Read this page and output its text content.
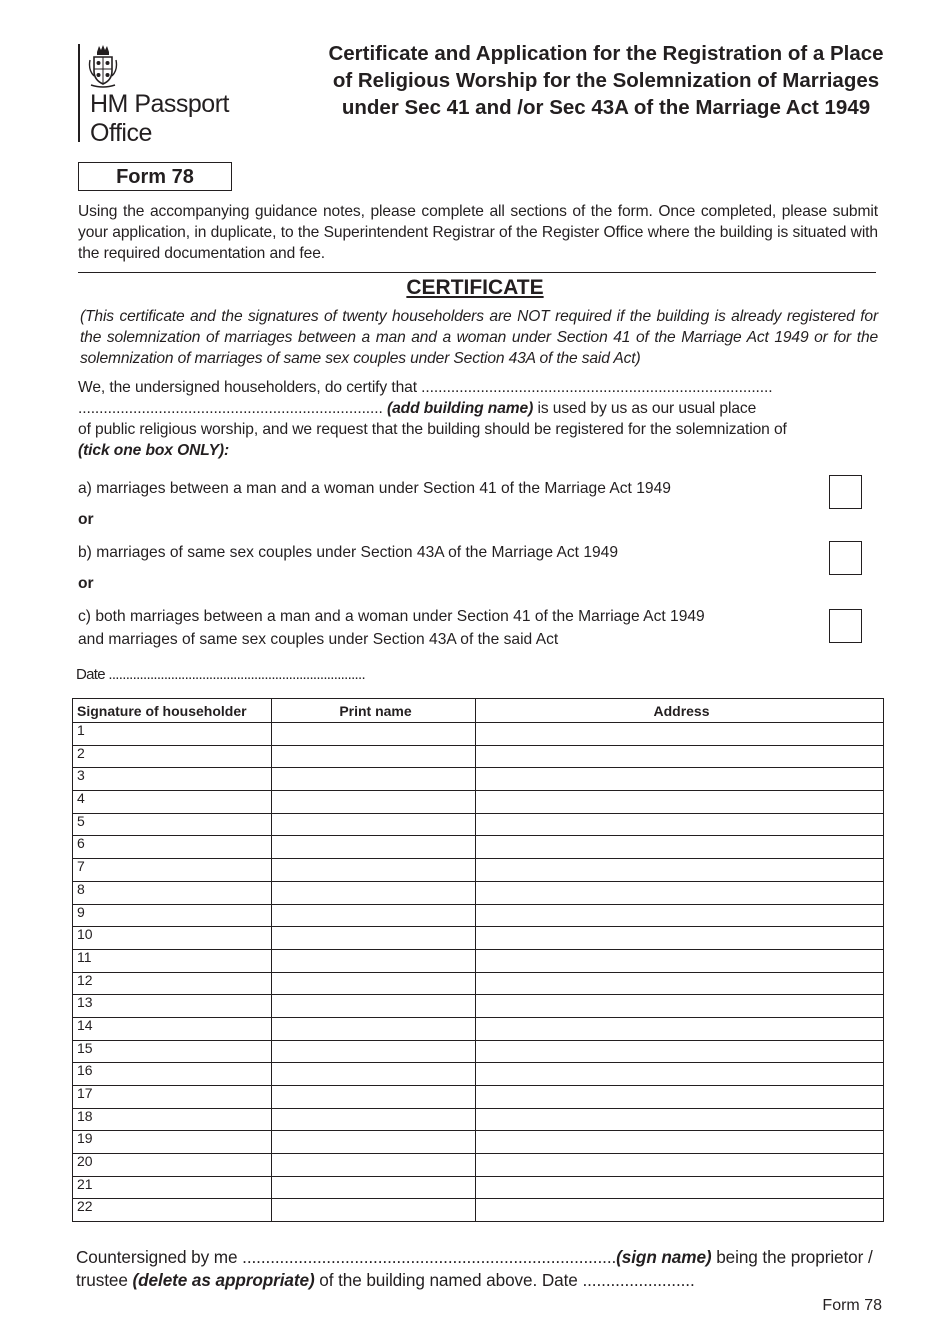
HM Passport
Office
Certificate and Application for the Registration of a Place of Religious Worship for the Solemnization of Marriages under Sec 41 and /or Sec 43A of the Marriage Act 1949
Form 78
Using the accompanying guidance notes, please complete all sections of the form. Once completed, please submit your application, in duplicate, to the Superintendent Registrar of the Register Office where the building is situated with the required documentation and fee.
CERTIFICATE
(This certificate and the signatures of twenty householders are NOT required if the building is already registered for the solemnization of marriages between a man and a woman under Section 41 of the Marriage Act 1949 or for the solemnization of marriages of same sex couples under Section 43A of the said Act)
We, the undersigned householders, do certify that ...................................................................................
........................................................................ (add building name) is used by us as our usual place
of public religious worship, and we request that the building should be registered for the solemnization of
(tick one box ONLY):
a) marriages between a man and a woman under Section 41 of the Marriage Act 1949
or
b) marriages of same sex couples under Section 43A of the Marriage Act 1949
or
c) both marriages between a man and a woman under Section 41 of the Marriage Act 1949
and marriages of same sex couples under Section 43A of the said Act
Date ..........................................................................
Signature of householder	Print name	Address
1		
2		
3		
4		
5		
6		
7		
8		
9		
10		
11		
12		
13		
14		
15		
16		
17		
18		
19		
20		
21		
22		
Countersigned by me ................................................................................(sign name) being the proprietor / trustee (delete as appropriate) of the building named above. Date ........................
Form 78
